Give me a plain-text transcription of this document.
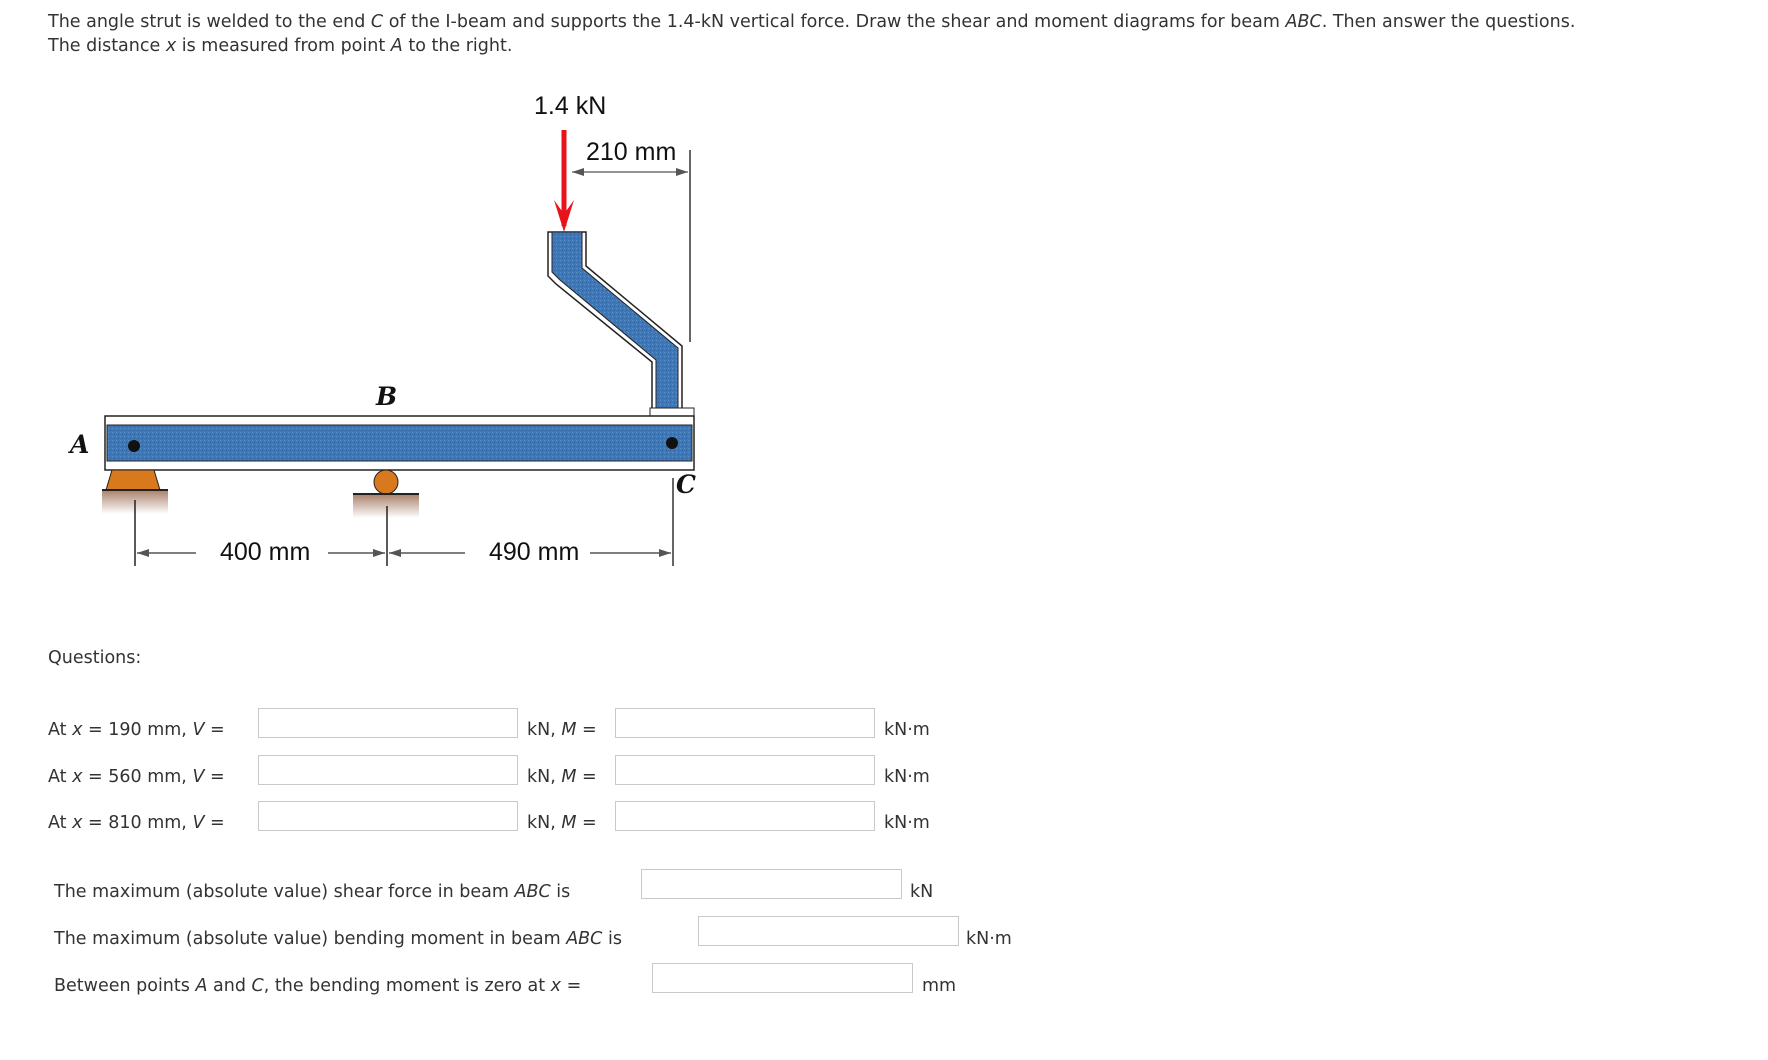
The angle strut is welded to the end C of the I-beam and supports the 1.4-kN vertical force. Draw the shear and moment diagrams for beam ABC. Then answer the questions.
The distance x is measured from point A to the right.
1.4 kN
210 mm
A
B
C
400 mm	490 mm
Questions:
At x = 190 mm, V =	kN, M =	kN·m
At x = 560 mm, V =	kN, M =	kN·m
At x = 810 mm, V =	kN, M =	kN·m
The maximum (absolute value) shear force in beam ABC is	kN
The maximum (absolute value) bending moment in beam ABC is	kN·m
Between points A and C, the bending moment is zero at x =	mm
